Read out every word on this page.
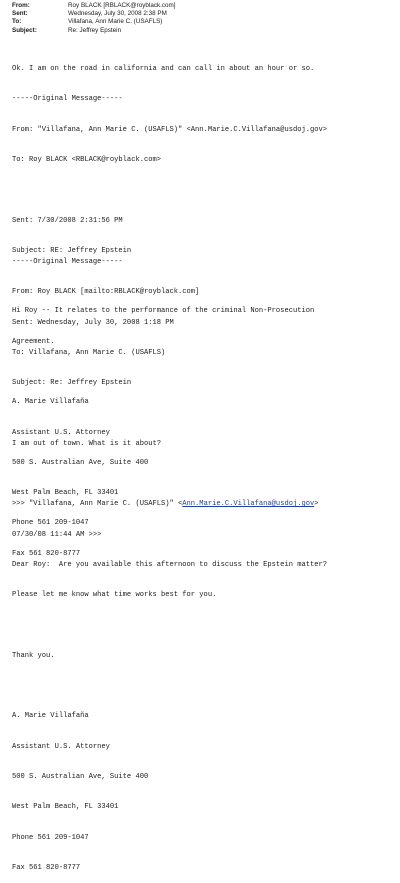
From:	Roy BLACK [RBLACK@royblack.com]
Sent:	Wednesday, July 30, 2008 2:38 PM
To:	Villafana, Ann Marie C. (USAFLS)
Subject:	Re: Jeffrey Epstein

Ok. I am on the road in california and can call in about an hour or so.

-----Original Message-----

From: "Villafana, Ann Marie C. (USAFLS)" <Ann.Marie.C.Villafana@usdoj.gov>

To: Roy BLACK <RBLACK@royblack.com>

Sent: 7/30/2008 2:31:56 PM

Subject: RE: Jeffrey Epstein

Hi Roy -- It relates to the performance of the criminal Non-Prosecution

Agreement.

A. Marie Villafaña

Assistant U.S. Attorney

500 S. Australian Ave, Suite 400

West Palm Beach, FL 33401

Phone 561 209-1047

Fax 561 820-8777

-----Original Message-----

From: Roy BLACK [mailto:RBLACK@royblack.com]

Sent: Wednesday, July 30, 2008 1:18 PM

To: Villafana, Ann Marie C. (USAFLS)

Subject: Re: Jeffrey Epstein

I am out of town. What is it about?

>>> "Villafana, Ann Marie C. (USAFLS)" <Ann.Marie.C.Villafana@usdoj.gov>

07/30/08 11:44 AM >>>

Dear Roy:  Are you available this afternoon to discuss the Epstein matter?

Please let me know what time works best for you.

Thank you.

A. Marie Villafaña

Assistant U.S. Attorney

500 S. Australian Ave, Suite 400

West Palm Beach, FL 33401

Phone 561 209-1047

Fax 561 820-8777
